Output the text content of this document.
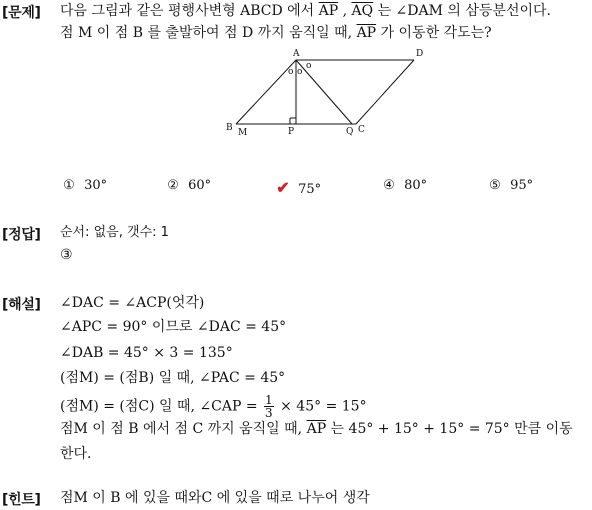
[문제] 다음 그림과 같은 평행사변형 ABCD 에서 $\overline{AP}$ , $\overline{AQ}$ 는 ∠DAM 의 삼등분선이다.
점 M 이 점 B 를 출발하여 점 D 까지 움직일 때, $\overline{AP}$ 가 이동한 각도는?
A	D
B M	P	Q C
o o
o
① 30°	② 60°	✔ 75°	④ 80°	⑤ 95°
[정답] 순서: 없음, 갯수: 1
③
[해설] ∠DAC = ∠ACP(엇각)
∠APC = 90° 이므로 ∠DAC = 45°
∠DAB = 45° × 3 = 135°
(점M) = (점B) 일 때, ∠PAC = 45°
(점M) = (점C) 일 때, ∠CAP = $\frac{1}{3} \times 45^\circ = 15^\circ$
점M 이 점 B 에서 점 C 까지 움직일 때, $\overline{AP}$ 는 45° + 15° + 15° = 75° 만큼 이동
한다.
[힌트] 점M 이 B 에 있을 때와C 에 있을 때로 나누어 생각
